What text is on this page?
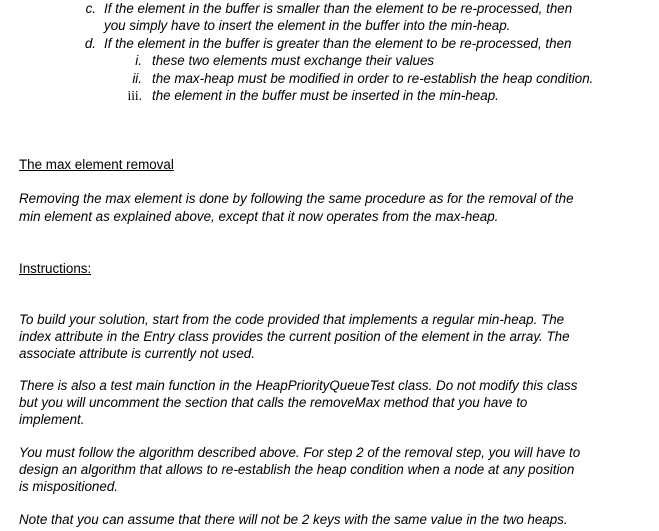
c. If the element in the buffer is smaller than the element to be re-processed, then
you simply have to insert the element in the buffer into the min-heap.
d. If the element in the buffer is greater than the element to be re-processed, then
i. these two elements must exchange their values
ii. the max-heap must be modified in order to re-establish the heap condition.
iii. the element in the buffer must be inserted in the min-heap.
The max element removal
Removing the max element is done by following the same procedure as for the removal of the
min element as explained above, except that it now operates from the max-heap.
Instructions:
To build your solution, start from the code provided that implements a regular min-heap. The
index attribute in the Entry class provides the current position of the element in the array. The
associate attribute is currently not used.
There is also a test main function in the HeapPriorityQueueTest class. Do not modify this class
but you will uncomment the section that calls the removeMax method that you have to
implement.
You must follow the algorithm described above. For step 2 of the removal step, you will have to
design an algorithm that allows to re-establish the heap condition when a node at any position
is mispositioned.
Note that you can assume that there will not be 2 keys with the same value in the two heaps.
